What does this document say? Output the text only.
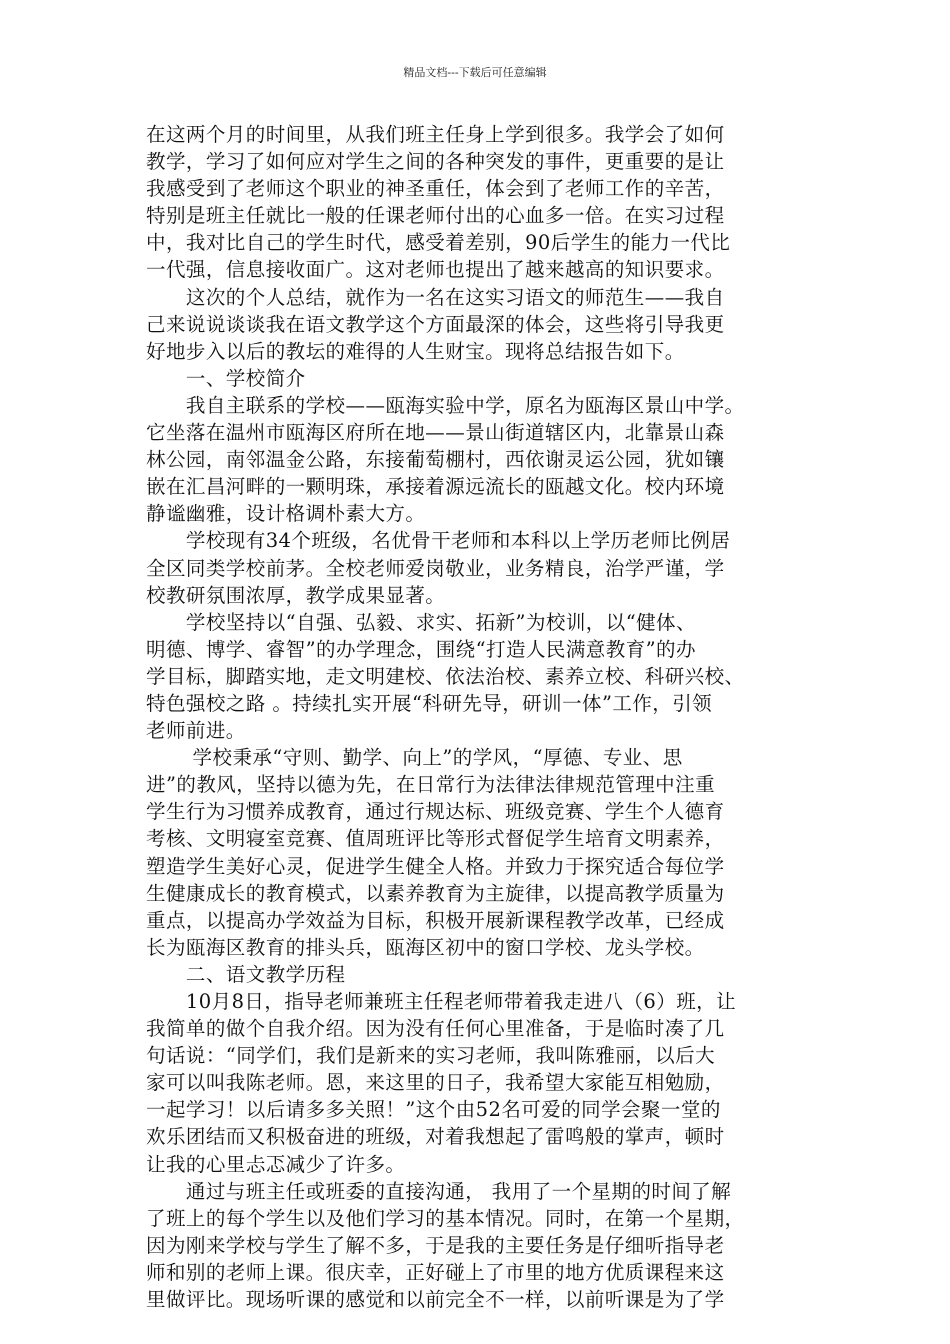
精品文档---下载后可任意编辑
在这两个月的时间里，从我们班主任身上学到很多。我学会了如何
教学，学习了如何应对学生之间的各种突发的事件，更重要的是让
我感受到了老师这个职业的神圣重任，体会到了老师工作的辛苦，
特别是班主任就比一般的任课老师付出的心血多一倍。在实习过程
中，我对比自己的学生时代，感受着差别，90后学生的能力一代比
一代强，信息接收面广。这对老师也提出了越来越高的知识要求。
　　这次的个人总结，就作为一名在这实习语文的师范生——我自
己来说说谈谈我在语文教学这个方面最深的体会，这些将引导我更
好地步入以后的教坛的难得的人生财宝。现将总结报告如下。
　　一、学校简介
　　我自主联系的学校——瓯海实验中学，原名为瓯海区景山中学。
它坐落在温州市瓯海区府所在地——景山街道辖区内，北靠景山森
林公园，南邻温金公路，东接葡萄棚村，西依谢灵运公园，犹如镶
嵌在汇昌河畔的一颗明珠，承接着源远流长的瓯越文化。校内环境
静谧幽雅，设计格调朴素大方。
　　学校现有34个班级，名优骨干老师和本科以上学历老师比例居
全区同类学校前茅。全校老师爱岗敬业，业务精良，治学严谨，学
校教研氛围浓厚，教学成果显著。
　　学校坚持以“自强、弘毅、求实、拓新”为校训，以“健体、
明德、博学、睿智”的办学理念，围绕“打造人民满意教育”的办
学目标，脚踏实地，走文明建校、依法治校、素养立校、科研兴校、
特色强校之路 。持续扎实开展“科研先导，研训一体”工作，引领
老师前进。
　　 学校秉承“守则、勤学、向上”的学风，“厚德、专业、思
进”的教风，坚持以德为先，在日常行为法律法律规范管理中注重
学生行为习惯养成教育，通过行规达标、班级竞赛、学生个人德育
考核、文明寝室竞赛、值周班评比等形式督促学生培育文明素养，
塑造学生美好心灵，促进学生健全人格。并致力于探究适合每位学
生健康成长的教育模式，以素养教育为主旋律，以提高教学质量为
重点，以提高办学效益为目标，积极开展新课程教学改革，已经成
长为瓯海区教育的排头兵，瓯海区初中的窗口学校、龙头学校。
　　二、语文教学历程
　　10月8日，指导老师兼班主任程老师带着我走进八（6）班，让
我简单的做个自我介绍。因为没有任何心里准备，于是临时凑了几
句话说：“同学们，我们是新来的实习老师，我叫陈雅丽，以后大
家可以叫我陈老师。恩，来这里的日子，我希望大家能互相勉励，
一起学习！以后请多多关照！”这个由52名可爱的同学会聚一堂的
欢乐团结而又积极奋进的班级，对着我想起了雷鸣般的掌声，顿时
让我的心里忐忑减少了许多。
　　通过与班主任或班委的直接沟通， 我用了一个星期的时间了解
了班上的每个学生以及他们学习的基本情况。同时，在第一个星期，
因为刚来学校与学生了解不多，于是我的主要任务是仔细听指导老
师和别的老师上课。很庆幸，正好碰上了市里的地方优质课程来这
里做评比。现场听课的感觉和以前完全不一样，以前听课是为了学
